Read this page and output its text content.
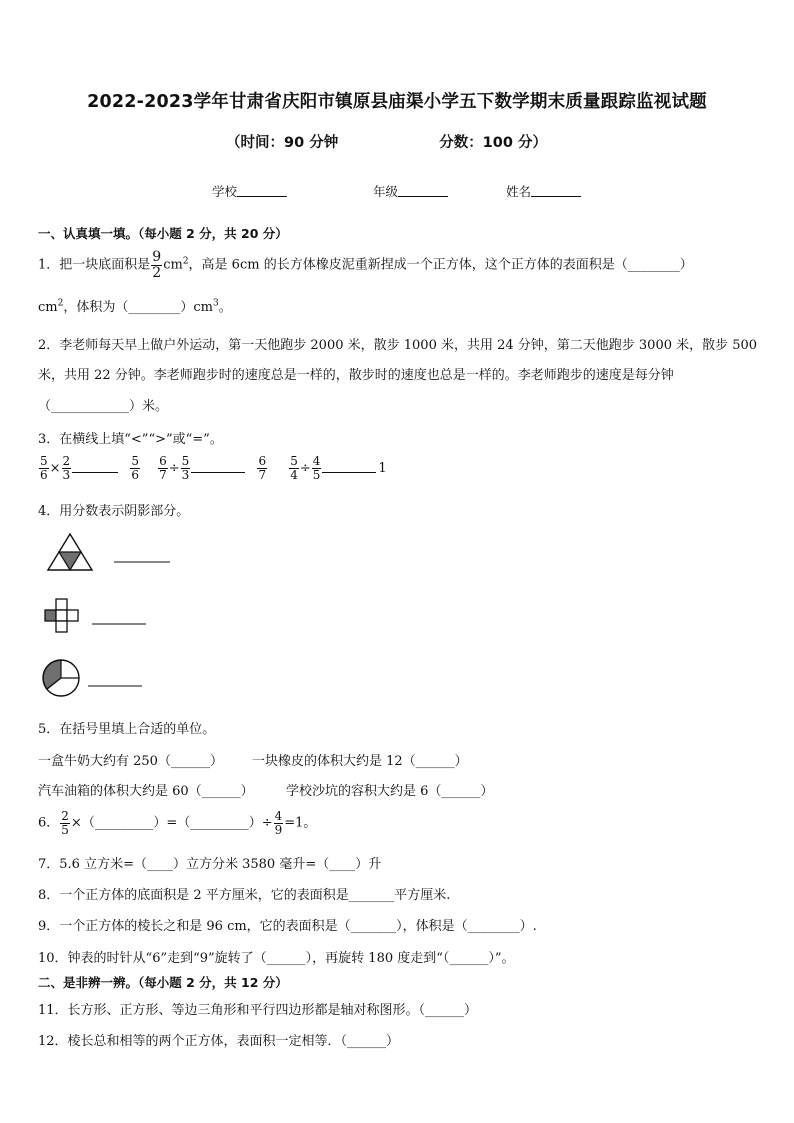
2022-2023学年甘肃省庆阳市镇原县庙渠小学五下数学期末质量跟踪监视试题
（时间：90 分钟                    分数：100 分）
学校	年级	姓名
一、认真填一填。（每小题 2 分，共 20 分）
1．把一块底面积是 $\frac{9}{2} cm^2$，高是 6cm 的长方体橡皮泥重新捏成一个正方体，这个正方体的表面积是（________）
$cm^2$，体积为$(\_\_\_\_\_\_\_\_)cm^3$。
2．李老师每天早上做户外运动，第一天他跑步 2000 米，散步 1000 米，共用 24 分钟，第二天他跑步 3000 米，散步 500
米，共用 22 分钟。李老师跑步时的速度总是一样的，散步时的速度也总是一样的。李老师跑步的速度是每分钟
（____________）米。
3．在横线上填“<”“>”或“=”。
$\frac{5}{6} \times \frac{2}{3}$
	$\frac{5}{6}$
$\frac{6}{7} \div \frac{5}{3}$
	$\frac{6}{7}$
$\frac{5}{4} \div \frac{4}{5}$	1
4．用分数表示阴影部分。
5．在括号里填上合适的单位。
一盒牛奶大约有 250（______） 一块橡皮的体积大约是 12（______）
汽车油箱的体积大约是 60（______） 学校沙坑的容积大约是 6（______）
6． $\frac{2}{5}$ ×（_________）=（_________）÷ $\frac{4}{9} =1$。
7．5.6 立方米=（____）立方分米 3580 毫升=（____）升
8．一个正方体的底面积是 2 平方厘米，它的表面积是_______平方厘米.
9．一个正方体的棱长之和是 96 cm，它的表面积是（_______），体积是（________）.
10．钟表的时针从“6”走到“9”旋转了（______），再旋转 180 度走到“（______）”。
二、是非辨一辨。（每小题 2 分，共 12 分）
11．长方形、正方形、等边三角形和平行四边形都是轴对称图形。（______）
12．棱长总和相等的两个正方体，表面积一定相等．（______）
